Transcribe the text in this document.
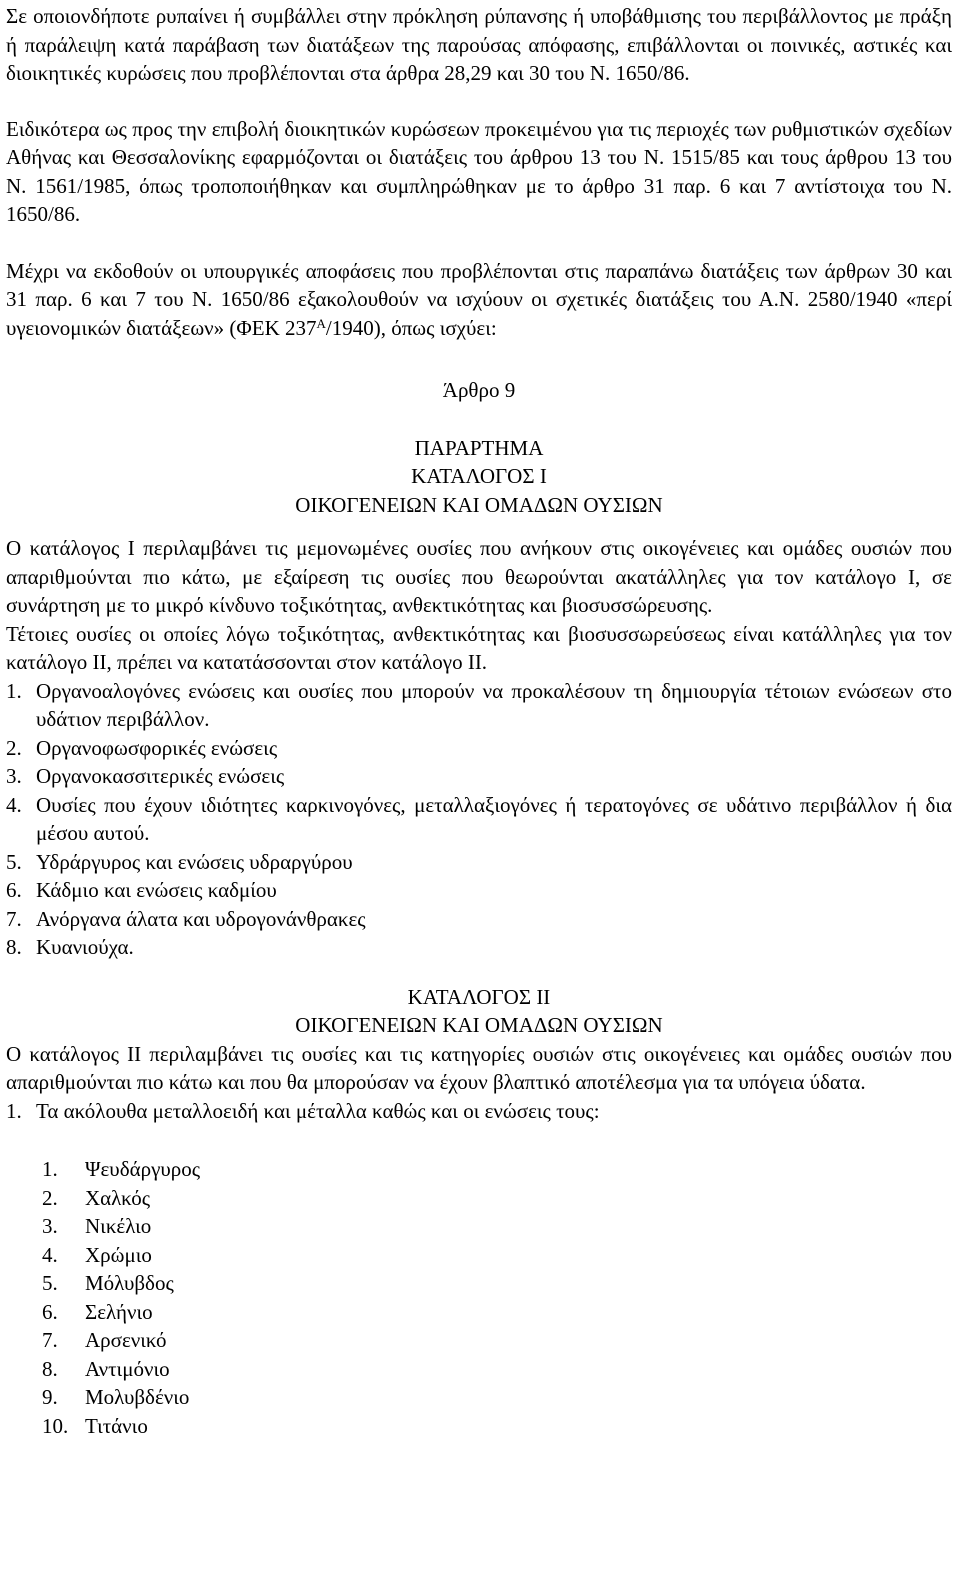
Σε οποιονδήποτε ρυπαίνει ή συμβάλλει στην πρόκληση ρύπανσης ή υποβάθμισης του περιβάλλοντος με πράξη ή παράλειψη κατά παράβαση των διατάξεων της παρούσας απόφασης, επιβάλλονται οι ποινικές, αστικές και διοικητικές κυρώσεις που προβλέπονται στα άρθρα 28,29 και 30 του Ν. 1650/86.

Ειδικότερα ως προς την επιβολή διοικητικών κυρώσεων προκειμένου για τις περιοχές των ρυθμιστικών σχεδίων Αθήνας και Θεσσαλονίκης εφαρμόζονται οι διατάξεις του άρθρου 13 του Ν. 1515/85 και τους άρθρου 13 του Ν. 1561/1985, όπως τροποποιήθηκαν και συμπληρώθηκαν με το άρθρο 31 παρ. 6 και 7 αντίστοιχα του Ν. 1650/86.

Μέχρι να εκδοθούν οι υπουργικές αποφάσεις που προβλέπονται στις παραπάνω διατάξεις των άρθρων 30 και 31 παρ. 6 και 7 του Ν. 1650/86 εξακολουθούν να ισχύουν οι σχετικές διατάξεις του Α.Ν. 2580/1940 «περί υγειονομικών διατάξεων» (ΦΕΚ $237^A/1940$), όπως ισχύει:

Άρθρο 9
ΠΑΡΑΡΤΗΜΑ
ΚΑΤΑΛΟΓΟΣ Ι
ΟΙΚΟΓΕΝΕΙΩΝ ΚΑΙ ΟΜΑΔΩΝ ΟΥΣΙΩΝ

Ο κατάλογος Ι περιλαμβάνει τις μεμονωμένες ουσίες που ανήκουν στις οικογένειες και ομάδες ουσιών που απαριθμούνται πιο κάτω, με εξαίρεση τις ουσίες που θεωρούνται ακατάλληλες για τον κατάλογο Ι, σε συνάρτηση με το μικρό κίνδυνο τοξικότητας, ανθεκτικότητας και βιοσυσσώρευσης.

Τέτοιες ουσίες οι οποίες λόγω τοξικότητας, ανθεκτικότητας και βιοσυσσωρεύσεως είναι κατάλληλες για τον κατάλογο ΙΙ, πρέπει να κατατάσσονται στον κατάλογο ΙΙ.

1. Οργανοαλογόνες ενώσεις και ουσίες που μπορούν να προκαλέσουν τη δημιουργία τέτοιων ενώσεων στο υδάτιον περιβάλλον.
2. Οργανοφωσφορικές ενώσεις
3. Οργανοκασσιτερικές ενώσεις
4. Ουσίες που έχουν ιδιότητες καρκινογόνες, μεταλλαξιογόνες ή τερατογόνες σε υδάτινο περιβάλλον ή δια μέσου αυτού.
5. Υδράργυρος και ενώσεις υδραργύρου
6. Κάδμιο και ενώσεις καδμίου
7. Ανόργανα άλατα και υδρογονάνθρακες
8. Κυανιούχα.
ΚΑΤΑΛΟΓΟΣ ΙΙ
ΟΙΚΟΓΕΝΕΙΩΝ ΚΑΙ ΟΜΑΔΩΝ ΟΥΣΙΩΝ

Ο κατάλογος ΙΙ περιλαμβάνει τις ουσίες και τις κατηγορίες ουσιών στις οικογένειες και ομάδες ουσιών που απαριθμούνται πιο κάτω και που θα μπορούσαν να έχουν βλαπτικό αποτέλεσμα για τα υπόγεια ύδατα.

1. Τα ακόλουθα μεταλλοειδή και μέταλλα καθώς και οι ενώσεις τους:
1. Ψευδάργυρος
2. Χαλκός
3. Νικέλιο
4. Χρώμιο
5. Μόλυβδος
6. Σελήνιο
7. Αρσενικό
8. Αντιμόνιο
9. Μολυβδένιο
10. Τιτάνιο
